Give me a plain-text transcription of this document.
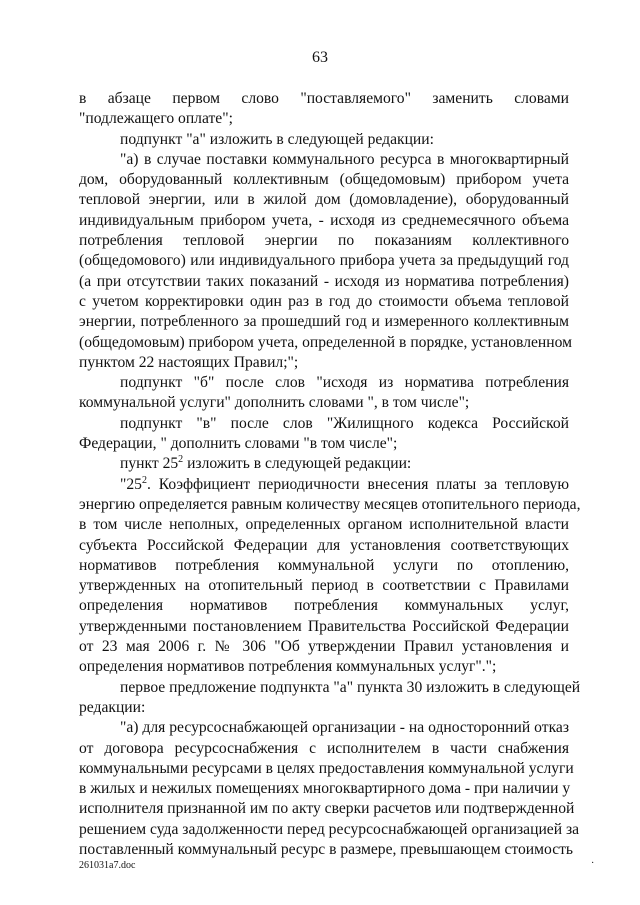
63
в абзаце первом слово "поставляемого" заменить словами
"подлежащего оплате";
подпункт "а" изложить в следующей редакции:
"а) в случае поставки коммунального ресурса в многоквартирный
дом, оборудованный коллективным (общедомовым) прибором учета
тепловой энергии, или в жилой дом (домовладение), оборудованный
индивидуальным прибором учета, - исходя из среднемесячного объема
потребления тепловой энергии по показаниям коллективного
(общедомового) или индивидуального прибора учета за предыдущий год
(а при отсутствии таких показаний - исходя из норматива потребления)
с учетом корректировки один раз в год до стоимости объема тепловой
энергии, потребленного за прошедший год и измеренного коллективным
(общедомовым) прибором учета, определенной в порядке, установленном
пунктом 22 настоящих Правил;";
подпункт "б" после слов "исходя из норматива потребления
коммунальной услуги" дополнить словами ", в том числе";
подпункт "в" после слов "Жилищного кодекса Российской
Федерации, " дополнить словами "в том числе";
пункт $25^2$ изложить в следующей редакции:
"$25^2$. Коэффициент периодичности внесения платы за тепловую
энергию определяется равным количеству месяцев отопительного периода,
в том числе неполных, определенных органом исполнительной власти
субъекта Российской Федерации для установления соответствующих
нормативов потребления коммунальной услуги по отоплению,
утвержденных на отопительный период в соответствии с Правилами
определения нормативов потребления коммунальных услуг,
утвержденными постановлением Правительства Российской Федерации
от 23 мая 2006 г. № 306 "Об утверждении Правил установления и
определения нормативов потребления коммунальных услуг".";
первое предложение подпункта "а" пункта 30 изложить в следующей
редакции:
"а) для ресурсоснабжающей организации - на односторонний отказ
от договора ресурсоснабжения с исполнителем в части снабжения
коммунальными ресурсами в целях предоставления коммунальной услуги
в жилых и нежилых помещениях многоквартирного дома - при наличии у
исполнителя признанной им по акту сверки расчетов или подтвержденной
решением суда задолженности перед ресурсоснабжающей организацией за
поставленный коммунальный ресурс в размере, превышающем стоимость
261031a7.doc	·
